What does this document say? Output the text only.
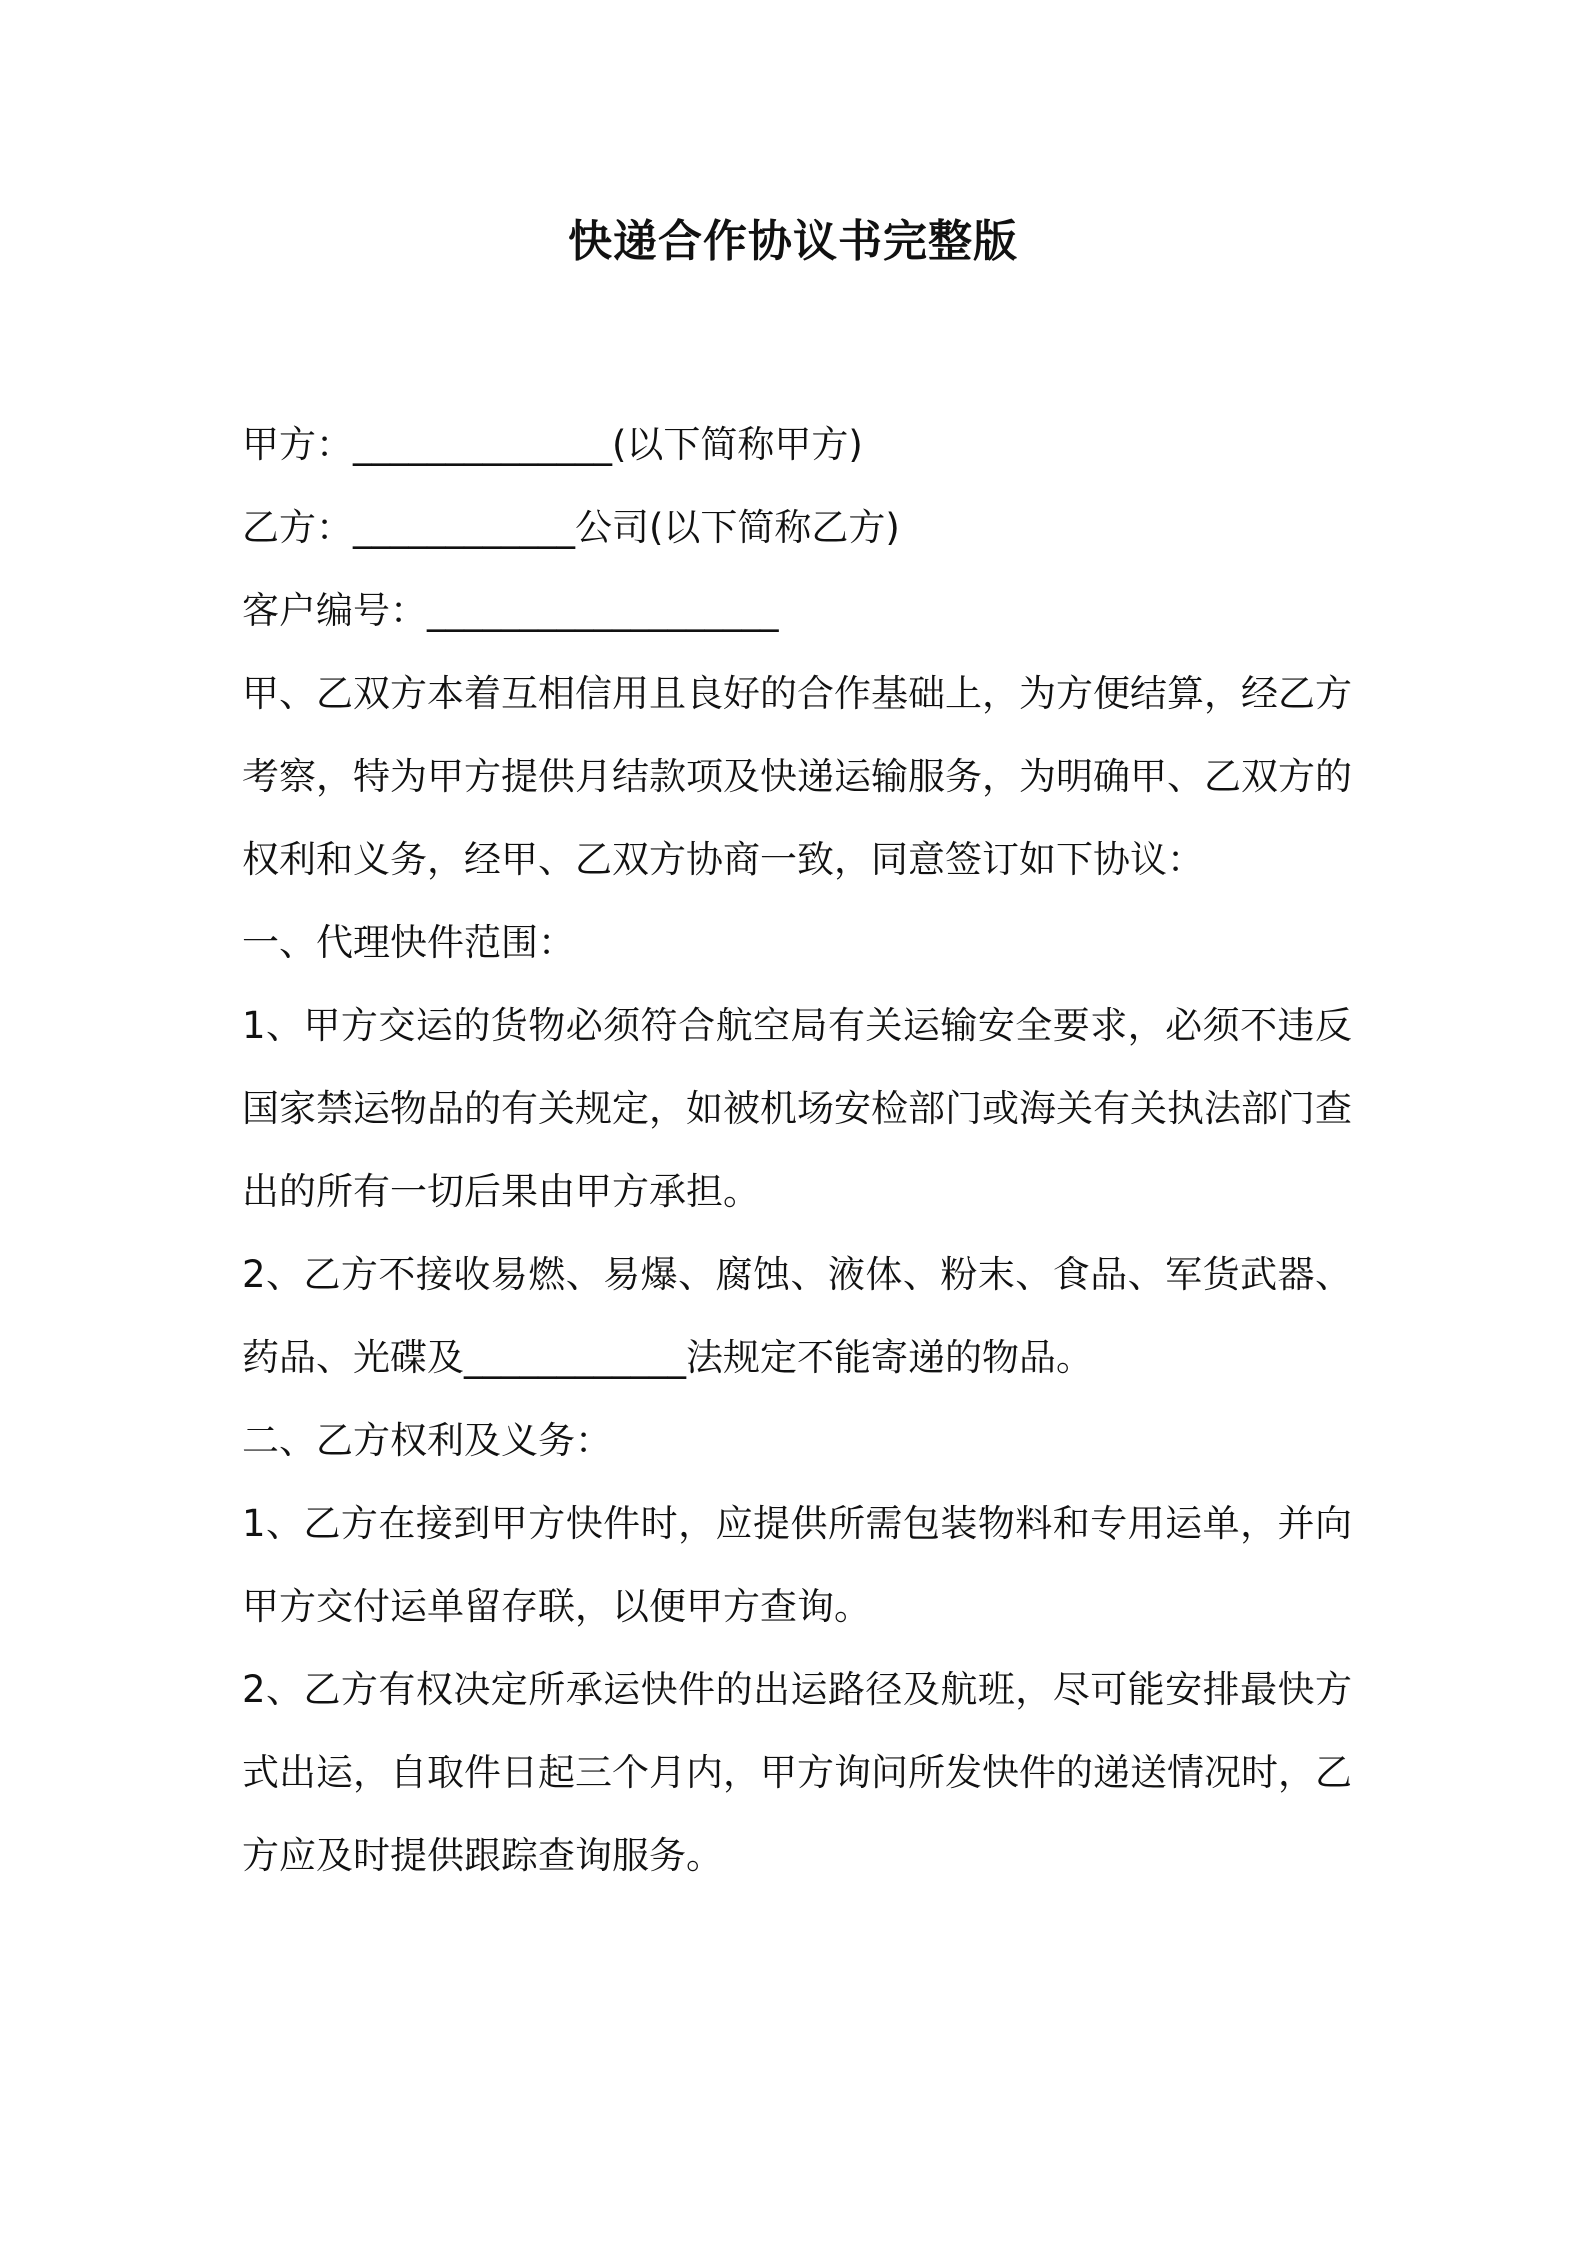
快递合作协议书完整版

甲方：______________(以下简称甲方)

乙方：____________公司(以下简称乙方)

客户编号：___________________

甲、乙双方本着互相信用且良好的合作基础上，为方便结算，经乙方考察，特为甲方提供月结款项及快递运输服务，为明确甲、乙双方的权利和义务，经甲、乙双方协商一致，同意签订如下协议：

一、代理快件范围：

1、甲方交运的货物必须符合航空局有关运输安全要求，必须不违反国家禁运物品的有关规定，如被机场安检部门或海关有关执法部门查出的所有一切后果由甲方承担。

2、乙方不接收易燃、易爆、腐蚀、液体、粉末、食品、军货武器、药品、光碟及____________法规定不能寄递的物品。

二、乙方权利及义务：

1、乙方在接到甲方快件时，应提供所需包装物料和专用运单，并向甲方交付运单留存联，以便甲方查询。

2、乙方有权决定所承运快件的出运路径及航班，尽可能安排最快方式出运，自取件日起三个月内，甲方询问所发快件的递送情况时，乙方应及时提供跟踪查询服务。
